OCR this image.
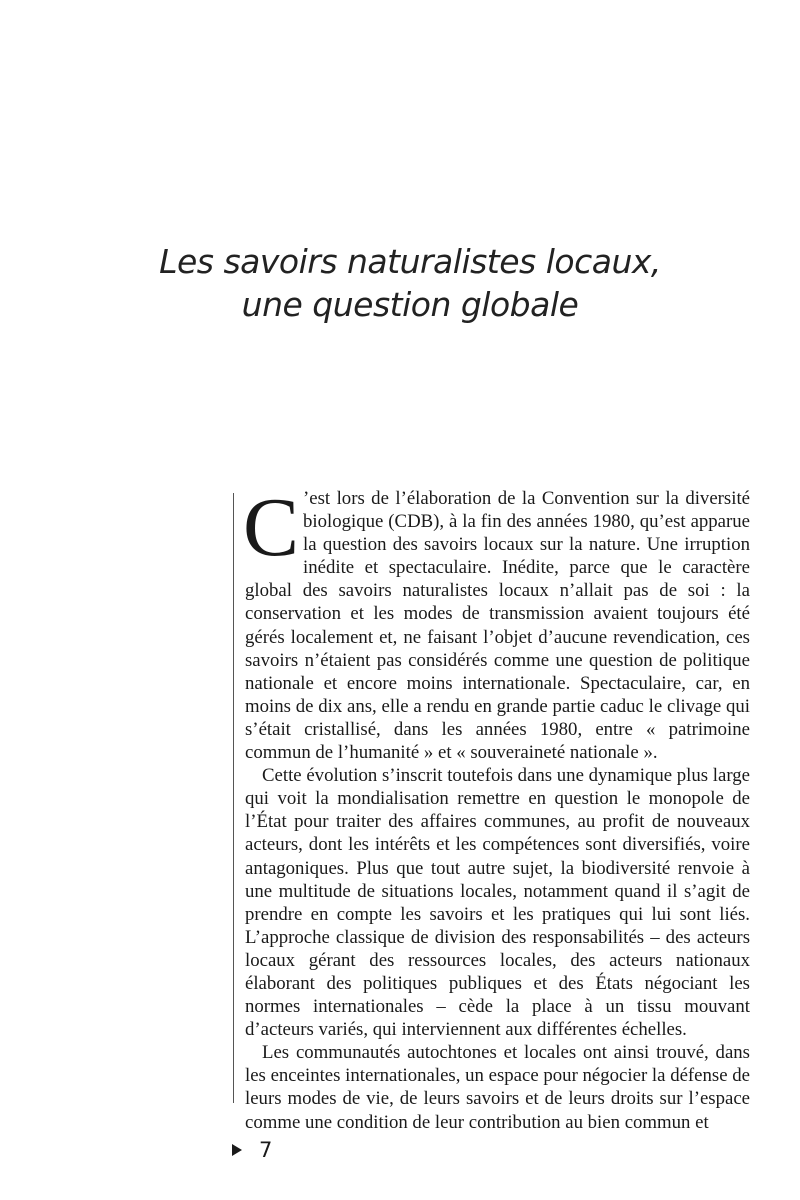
Les savoirs naturalistes locaux,
une question globale

C ’est lors de l’élaboration de la Convention sur la diversité biologique (CDB), à la fin des années 1980, qu’est apparue la question des savoirs locaux sur la nature. Une irruption inédite et spectaculaire. Inédite, parce que le caractère global des savoirs naturalistes locaux n’allait pas de soi : la conservation et les modes de transmission avaient toujours été gérés localement et, ne faisant l’objet d’aucune revendication, ces savoirs n’étaient pas considérés comme une question de politique nationale et encore moins internationale. Spectaculaire, car, en moins de dix ans, elle a rendu en grande partie caduc le clivage qui s’était cristallisé, dans les années 1980, entre « patrimoine commun de l’humanité » et « souveraineté nationale ».

Cette évolution s’inscrit toutefois dans une dynamique plus large qui voit la mondialisation remettre en question le monopole de l’État pour traiter des affaires communes, au profit de nouveaux acteurs, dont les intérêts et les compétences sont diversifiés, voire antagoniques. Plus que tout autre sujet, la biodiversité renvoie à une multitude de situations locales, notamment quand il s’agit de prendre en compte les savoirs et les pratiques qui lui sont liés. L’approche classique de division des responsabilités – des acteurs locaux gérant des ressources locales, des acteurs nationaux élaborant des politiques publiques et des États négociant les normes internationales – cède la place à un tissu mouvant d’acteurs variés, qui interviennent aux différentes échelles.

Les communautés autochtones et locales ont ainsi trouvé, dans les enceintes internationales, un espace pour négocier la défense de leurs modes de vie, de leurs savoirs et de leurs droits sur l’espace comme une condition de leur contribution au bien commun et

7
